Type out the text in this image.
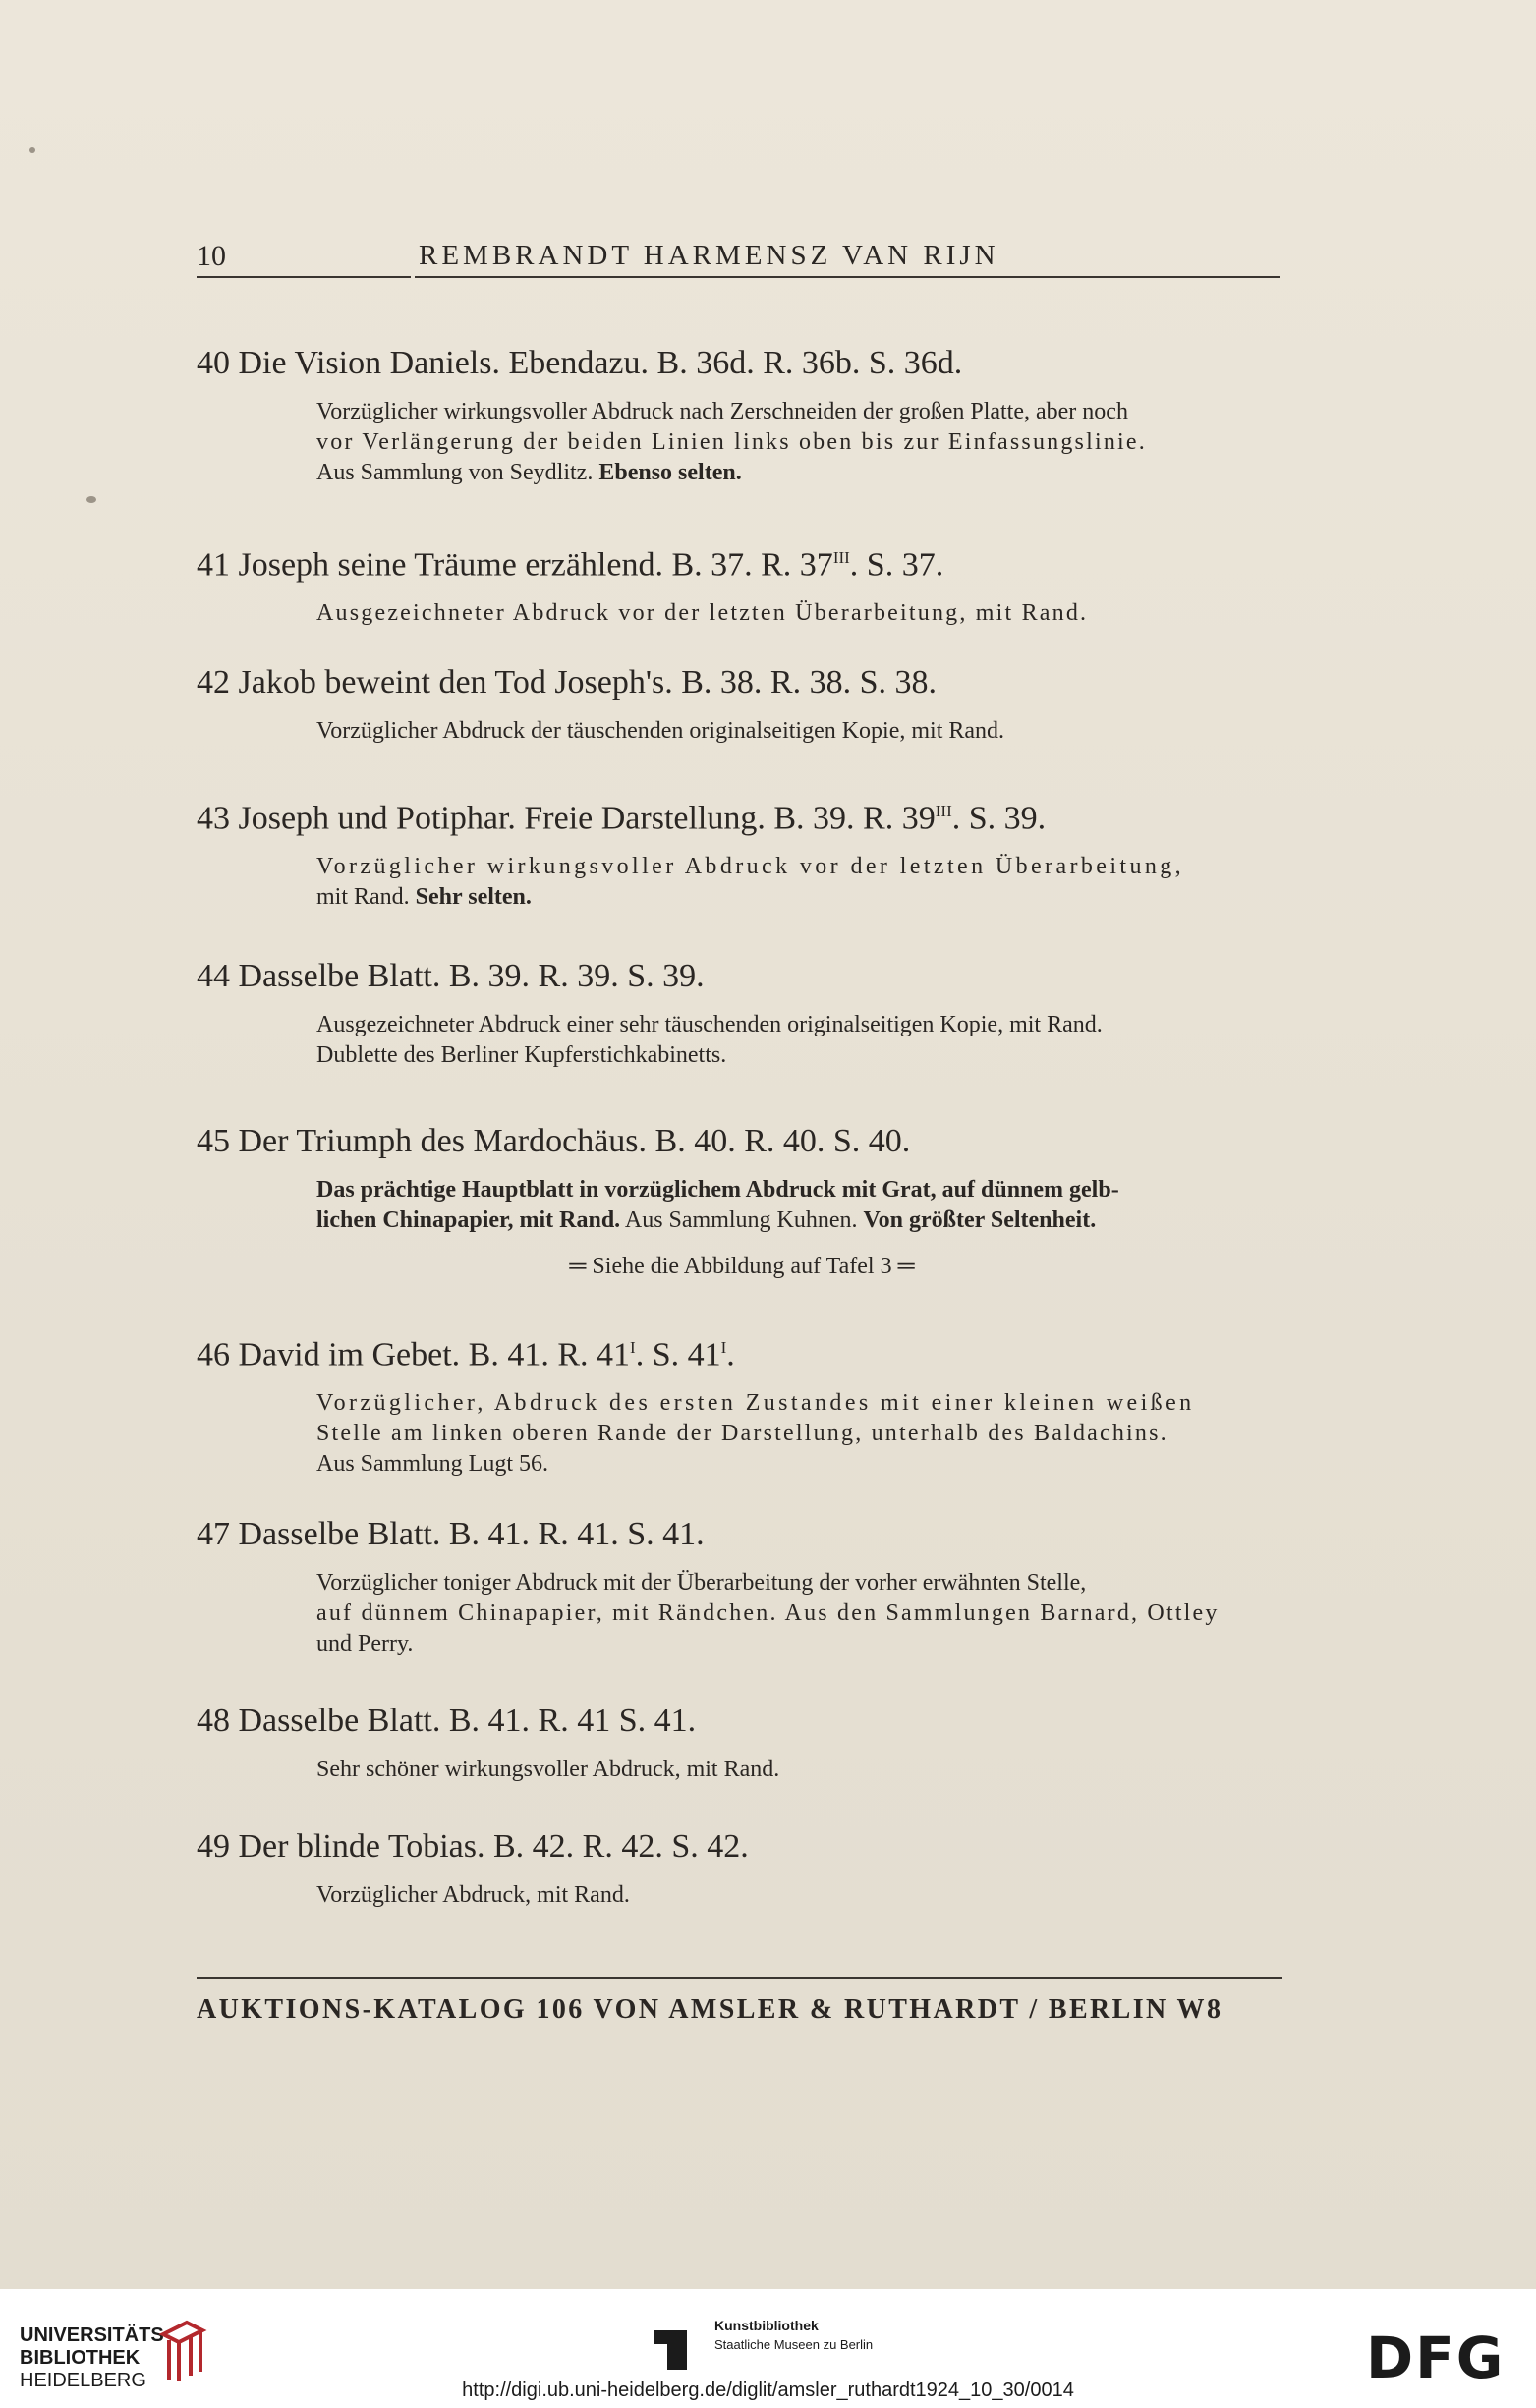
10	REMBRANDT HARMENSZ VAN RIJN
40 Die Vision Daniels. Ebendazu. B. 36d. R. 36b. S. 36d.

Vorzüglicher wirkungsvoller Abdruck nach Zerschneiden der großen Platte, aber noch

vor Verlängerung der beiden Linien links oben bis zur Einfassungslinie.

Aus Sammlung von Seydlitz. Ebenso selten.

41 Joseph seine Träume erzählend. B. 37. R. $37^{III}$. S. 37.

Ausgezeichneter Abdruck vor der letzten Überarbeitung, mit Rand.

42 Jakob beweint den Tod Joseph's. B. 38. R. 38. S. 38.

Vorzüglicher Abdruck der täuschenden originalseitigen Kopie, mit Rand.

43 Joseph und Potiphar. Freie Darstellung. B. 39. R. $39^{III}$. S. 39.

Vorzüglicher wirkungsvoller Abdruck vor der letzten Überarbeitung,

mit Rand. Sehr selten.

44 Dasselbe Blatt. B. 39. R. 39. S. 39.

Ausgezeichneter Abdruck einer sehr täuschenden originalseitigen Kopie, mit Rand.

Dublette des Berliner Kupferstichkabinetts.

45 Der Triumph des Mardochäus. B. 40. R. 40. S. 40.

Das prächtige Hauptblatt in vorzüglichem Abdruck mit Grat, auf dünnem gelb-

lichen Chinapapier, mit Rand. Aus Sammlung Kuhnen. Von größter Seltenheit.

═ Siehe die Abbildung auf Tafel 3 ═
46 David im Gebet. B. 41. R. $41^I$. S. $41^I$.

Vorzüglicher, Abdruck des ersten Zustandes mit einer kleinen weißen

Stelle am linken oberen Rande der Darstellung, unterhalb des Baldachins.

Aus Sammlung Lugt 56.

47 Dasselbe Blatt. B. 41. R. 41. S. 41.

Vorzüglicher toniger Abdruck mit der Überarbeitung der vorher erwähnten Stelle,

auf dünnem Chinapapier, mit Rändchen. Aus den Sammlungen Barnard, Ottley

und Perry.

48 Dasselbe Blatt. B. 41. R. 41 S. 41.

Sehr schöner wirkungsvoller Abdruck, mit Rand.

49 Der blinde Tobias. B. 42. R. 42. S. 42.

Vorzüglicher Abdruck, mit Rand.

AUKTIONS-KATALOG 106 VON AMSLER & RUTHARDT / BERLIN W8
UNIVERSITÄTS-
BIBLIOTHEK
HEIDELBERG
Kunstbibliothek
Staatliche Museen zu Berlin	DFG
http://digi.ub.uni-heidelberg.de/diglit/amsler_ruthardt1924_10_30/0014
